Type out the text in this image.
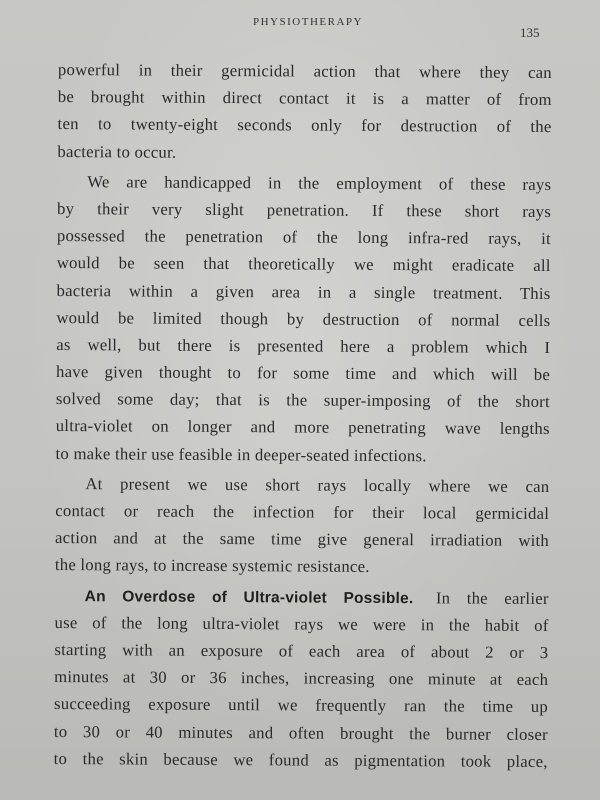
PHYSIOTHERAPY
135
powerful in their germicidal action that where they can
be brought within direct contact it is a matter of from
ten to twenty-eight seconds only for destruction of the
bacteria to occur.
We are handicapped in the employment of these rays
by their very slight penetration. If these short rays
possessed the penetration of the long infra-red rays, it
would be seen that theoretically we might eradicate all
bacteria within a given area in a single treatment. This
would be limited though by destruction of normal cells
as well, but there is presented here a problem which I
have given thought to for some time and which will be
solved some day; that is the super-imposing of the short
ultra-violet on longer and more penetrating wave lengths
to make their use feasible in deeper-seated infections.
At present we use short rays locally where we can
contact or reach the infection for their local germicidal
action and at the same time give general irradiation with
the long rays, to increase systemic resistance.
An Overdose of Ultra-violet Possible. In the earlier
use of the long ultra-violet rays we were in the habit of
starting with an exposure of each area of about 2 or 3
minutes at 30 or 36 inches, increasing one minute at each
succeeding exposure until we frequently ran the time up
to 30 or 40 minutes and often brought the burner closer
to the skin because we found as pigmentation took place,
